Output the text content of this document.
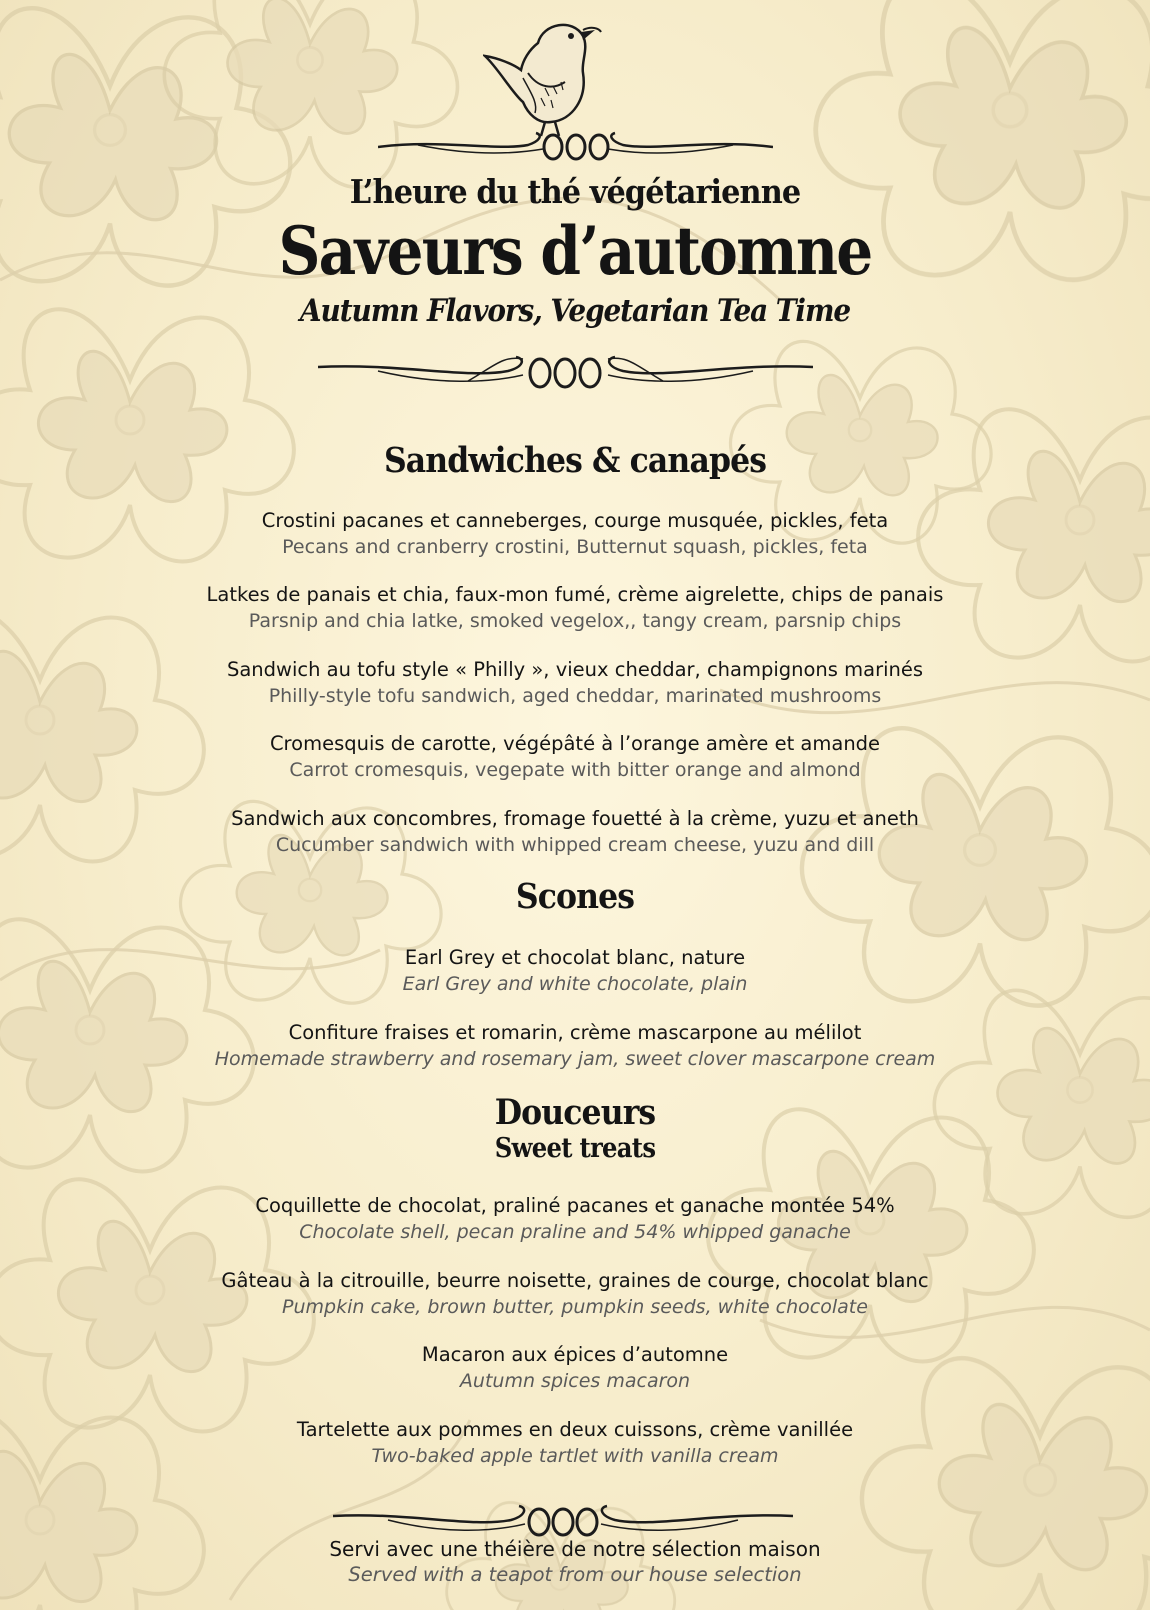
L’heure du thé végétarienne
Saveurs d’automne
Autumn Flavors, Vegetarian Tea Time
Sandwiches & canapés
Crostini pacanes et canneberges, courge musquée, pickles, feta
Pecans and cranberry crostini, Butternut squash, pickles, feta
Latkes de panais et chia, faux-mon fumé, crème aigrelette, chips de panais
Parsnip and chia latke, smoked vegelox,, tangy cream, parsnip chips
Sandwich au tofu style « Philly », vieux cheddar, champignons marinés
Philly-style tofu sandwich, aged cheddar, marinated mushrooms
Cromesquis de carotte, végépâté à l’orange amère et amande
Carrot cromesquis, vegepate with bitter orange and almond
Sandwich aux concombres, fromage fouetté à la crème, yuzu et aneth
Cucumber sandwich with whipped cream cheese, yuzu and dill
Scones
Earl Grey et chocolat blanc, nature
Earl Grey and white chocolate, plain
Confiture fraises et romarin, crème mascarpone au mélilot
Homemade strawberry and rosemary jam, sweet clover mascarpone cream
Douceurs
Sweet treats
Coquillette de chocolat, praliné pacanes et ganache montée 54%
Chocolate shell, pecan praline and 54% whipped ganache
Gâteau à la citrouille, beurre noisette, graines de courge, chocolat blanc
Pumpkin cake, brown butter, pumpkin seeds, white chocolate
Macaron aux épices d’automne
Autumn spices macaron
Tartelette aux pommes en deux cuissons, crème vanillée
Two-baked apple tartlet with vanilla cream
Servi avec une théière de notre sélection maison
Served with a teapot from our house selection
